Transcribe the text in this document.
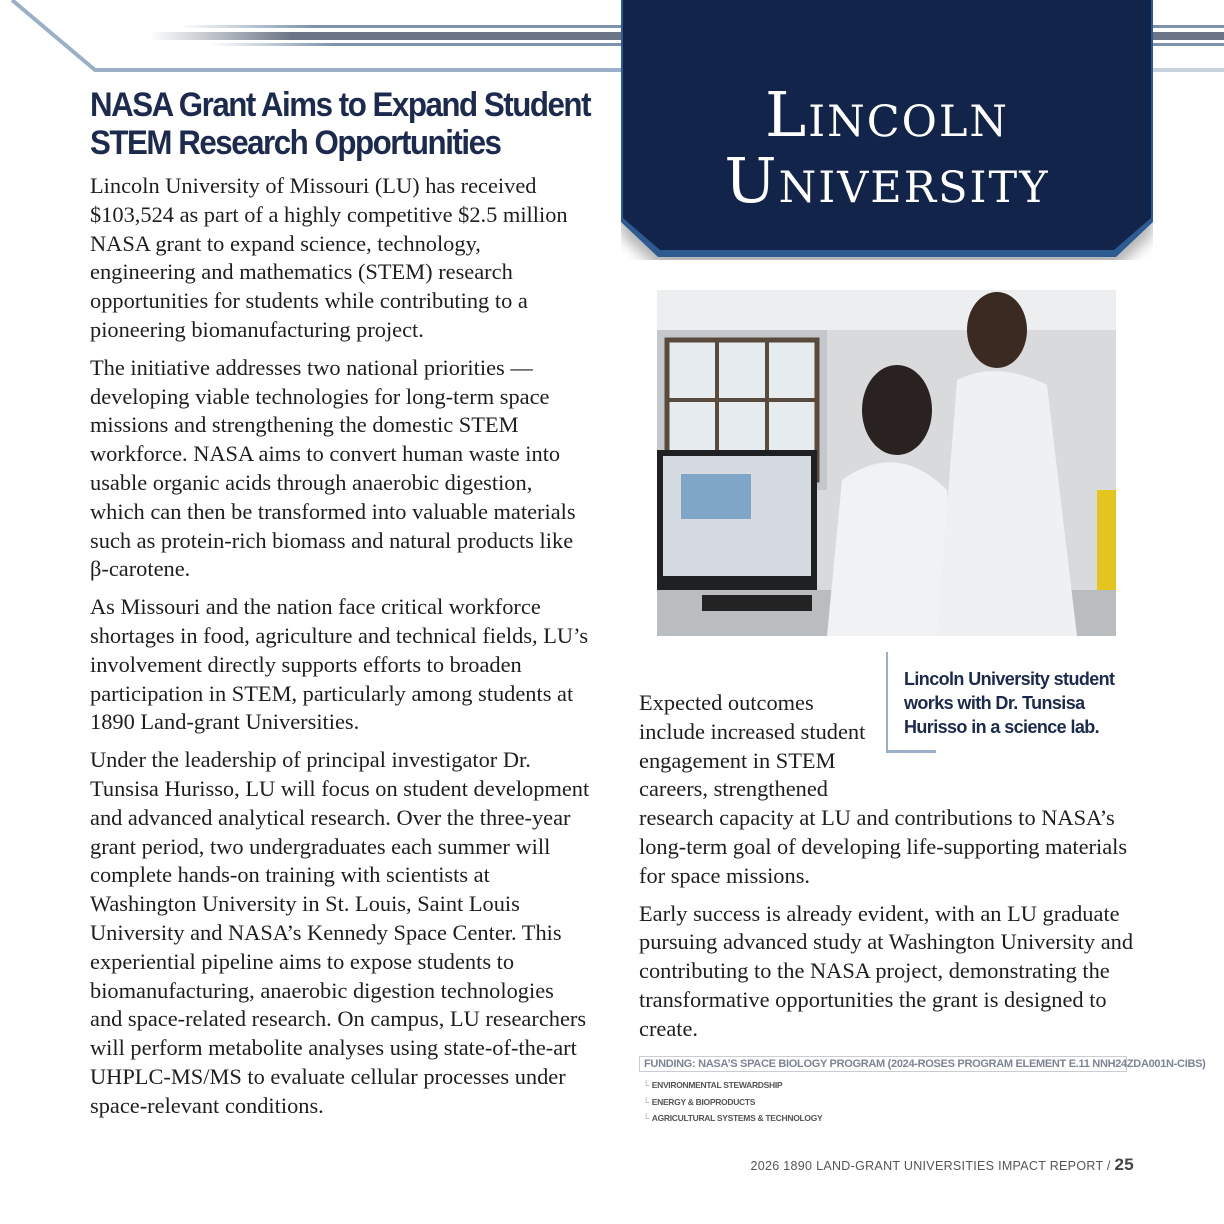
Lincoln
University
NASA Grant Aims to Expand Student STEM Research Opportunities

Lincoln University of Missouri (LU) has received $103,524 as part of a highly competitive $2.5 million NASA grant to expand science, technology, engineering and mathematics (STEM) research opportunities for students while contributing to a pioneering biomanufacturing project.

The initiative addresses two national priorities — developing viable technologies for long-term space missions and strengthening the domestic STEM workforce. NASA aims to convert human waste into usable organic acids through anaerobic digestion, which can then be transformed into valuable materials such as protein-rich biomass and natural products like β-carotene.

As Missouri and the nation face critical workforce shortages in food, agriculture and technical fields, LU’s involvement directly supports efforts to broaden participation in STEM, particularly among students at 1890 Land-grant Universities.

Under the leadership of principal investigator Dr. Tunsisa Hurisso, LU will focus on student development and advanced analytical research. Over the three-year grant period, two undergraduates each summer will complete hands-on training with scientists at Washington University in St. Louis, Saint Louis University and NASA’s Kennedy Space Center. This experiential pipeline aims to expose students to biomanufacturing, anaerobic digestion technologies and space-related research. On campus, LU researchers will perform metabolite analyses using state-of-the-art UHPLC-MS/MS to evaluate cellular processes under space-relevant conditions.

Lincoln University student works with Dr. Tunsisa Hurisso in a science lab.

Expected outcomes include increased student engagement in STEM careers, strengthened research capacity at LU and contributions to NASA’s long-term goal of developing life-supporting materials for space missions.

Early success is already evident, with an LU graduate pursuing advanced study at Washington University and contributing to the NASA project, demonstrating the transformative opportunities the grant is designed to create.

FUNDING: NASA’S SPACE BIOLOGY PROGRAM (2024-ROSES PROGRAM ELEMENT E.11 NNH24ZDA001N-CIBS)
└ ENVIRONMENTAL STEWARDSHIP
└ ENERGY & BIOPRODUCTS
└ AGRICULTURAL SYSTEMS & TECHNOLOGY
2026 1890 LAND-GRANT UNIVERSITIES IMPACT REPORT / 25
